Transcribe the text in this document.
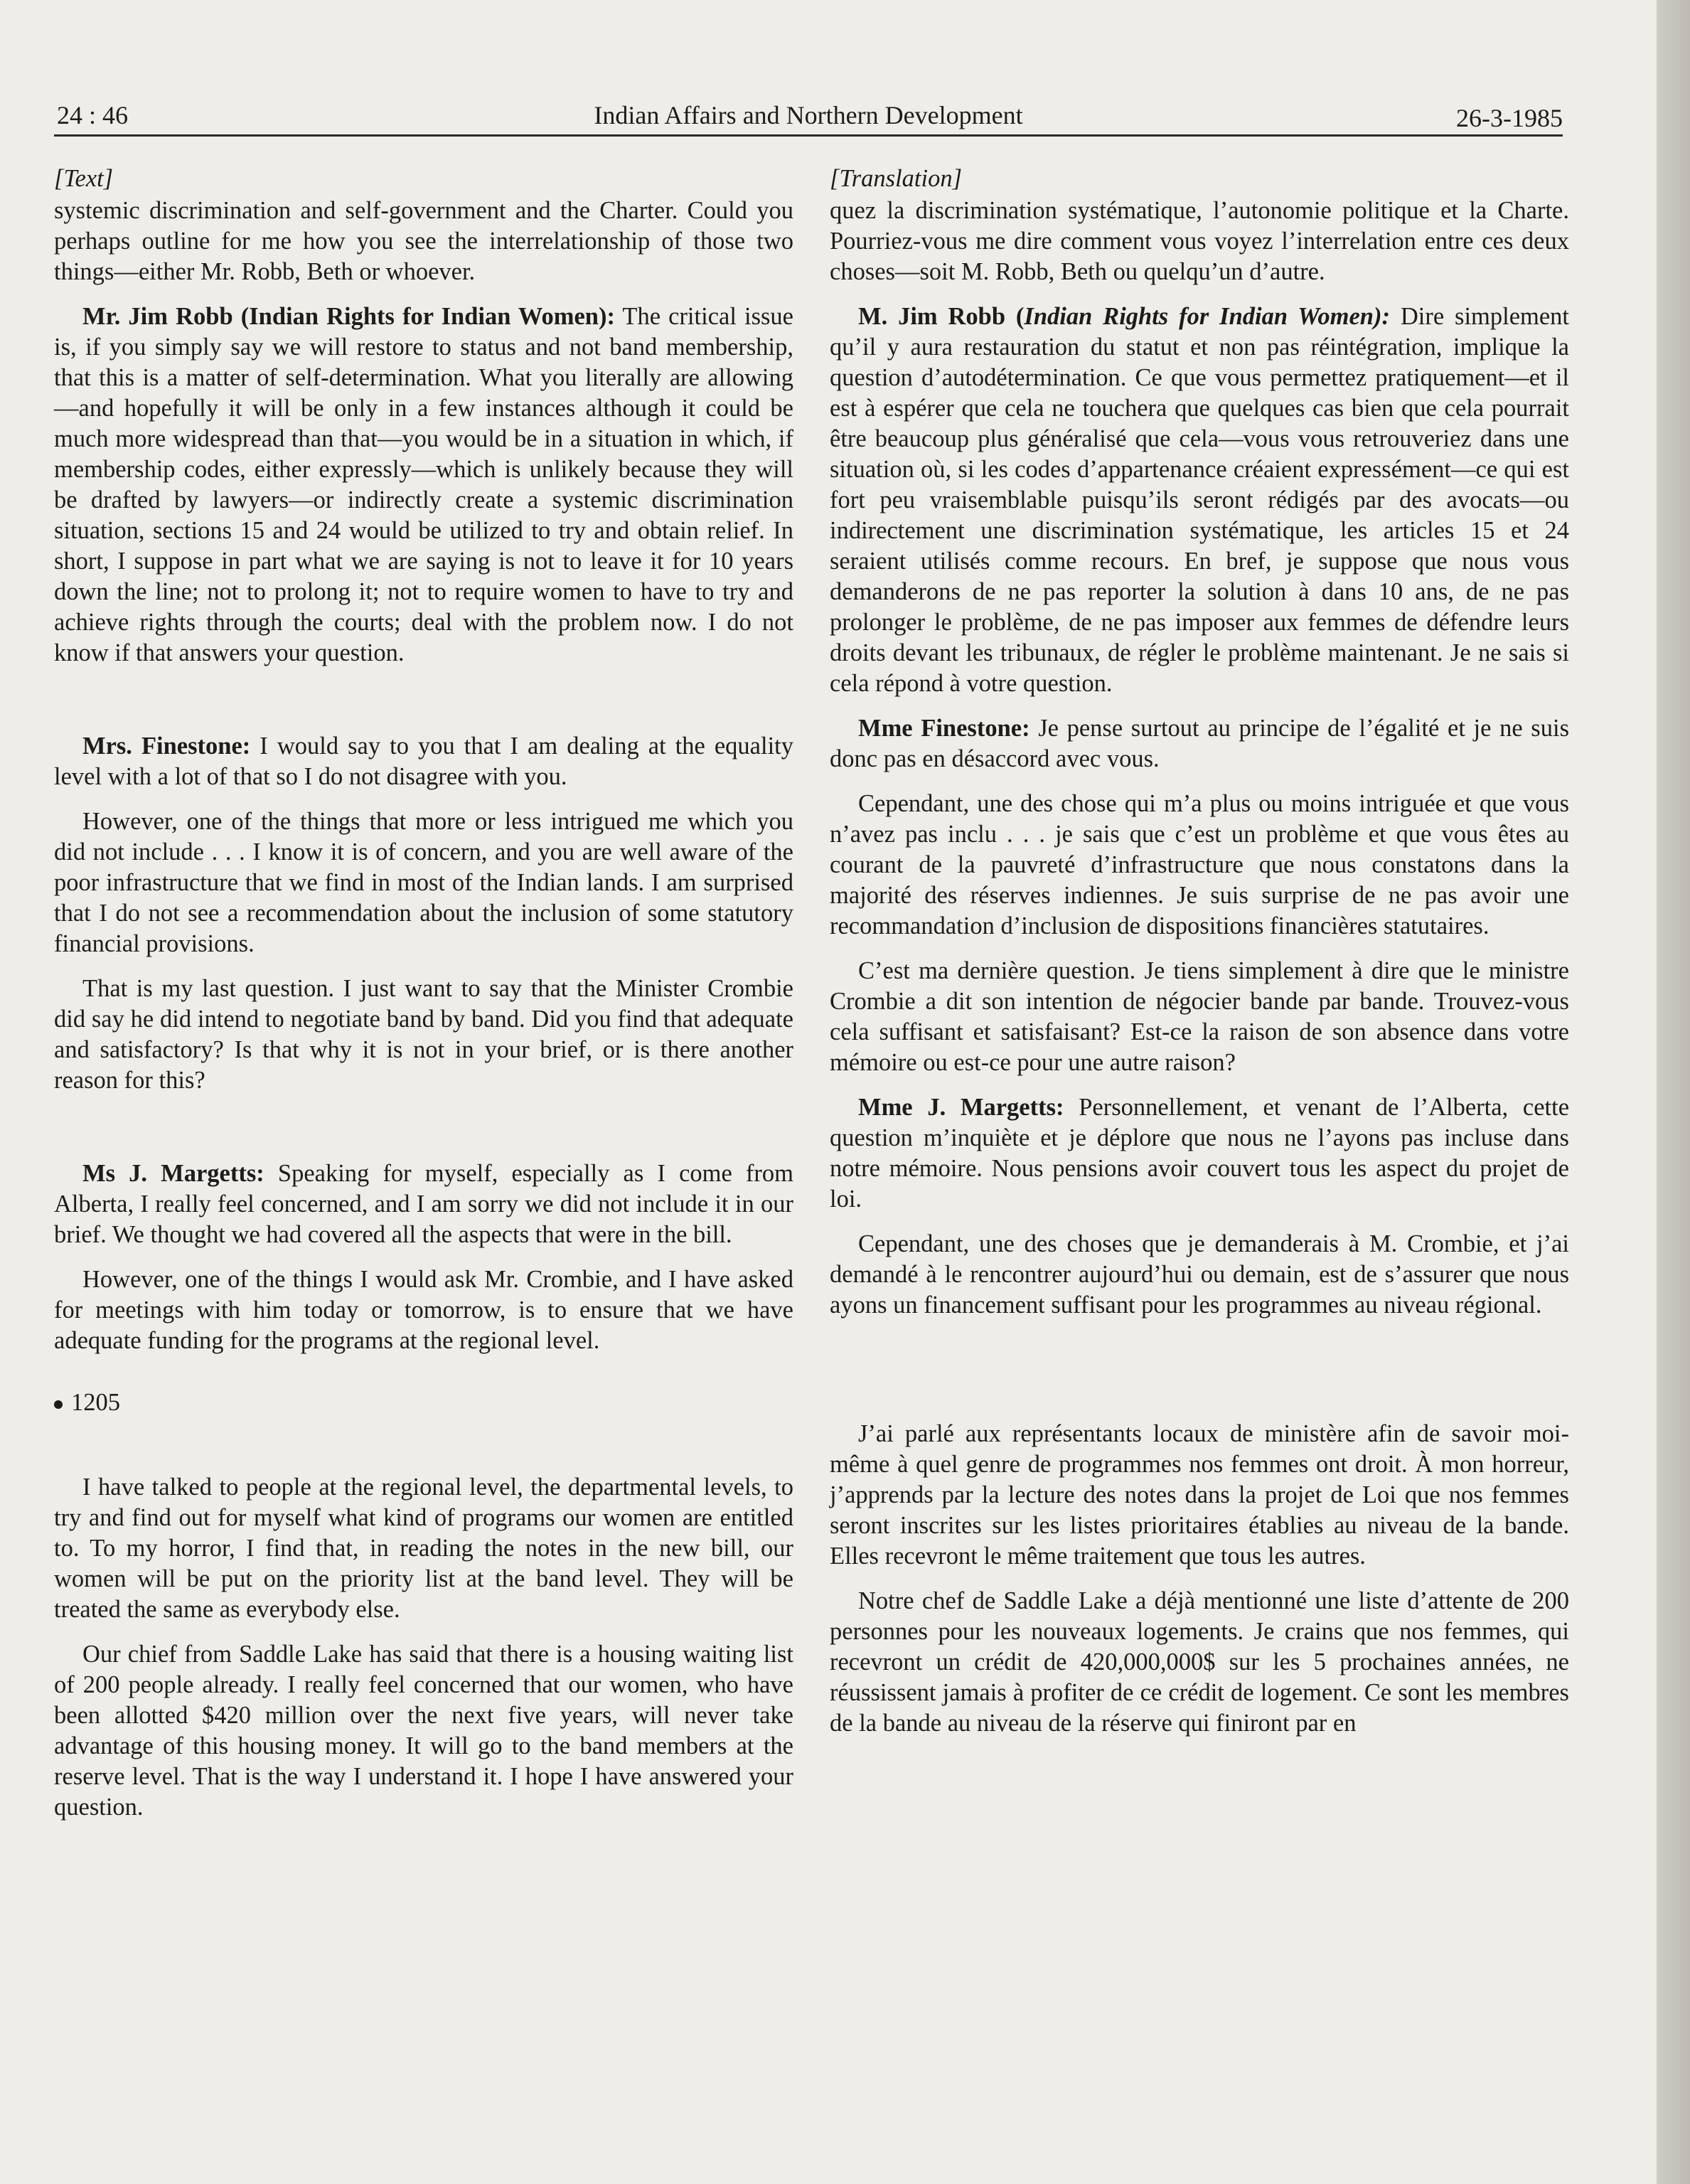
24 : 46	Indian Affairs and Northern Development	26-3-1985

[Text]

systemic discrimination and self-government and the Charter. Could you perhaps outline for me how you see the interrelationship of those two things—either Mr. Robb, Beth or whoever.

Mr. Jim Robb (Indian Rights for Indian Women): The critical issue is, if you simply say we will restore to status and not band membership, that this is a matter of self-determination. What you literally are allowing—and hopefully it will be only in a few instances although it could be much more widespread than that—you would be in a situation in which, if membership codes, either expressly—which is unlikely because they will be drafted by lawyers—or indirectly create a systemic discrimination situation, sections 15 and 24 would be utilized to try and obtain relief. In short, I suppose in part what we are saying is not to leave it for 10 years down the line; not to prolong it; not to require women to have to try and achieve rights through the courts; deal with the problem now. I do not know if that answers your question.

Mrs. Finestone: I would say to you that I am dealing at the equality level with a lot of that so I do not disagree with you.

However, one of the things that more or less intrigued me which you did not include . . . I know it is of concern, and you are well aware of the poor infrastructure that we find in most of the Indian lands. I am surprised that I do not see a recommendation about the inclusion of some statutory financial provisions.

That is my last question. I just want to say that the Minister Crombie did say he did intend to negotiate band by band. Did you find that adequate and satisfactory? Is that why it is not in your brief, or is there another reason for this?

Ms J. Margetts: Speaking for myself, especially as I come from Alberta, I really feel concerned, and I am sorry we did not include it in our brief. We thought we had covered all the aspects that were in the bill.

However, one of the things I would ask Mr. Crombie, and I have asked for meetings with him today or tomorrow, is to ensure that we have adequate funding for the programs at the regional level.

1205

I have talked to people at the regional level, the departmental levels, to try and find out for myself what kind of programs our women are entitled to. To my horror, I find that, in reading the notes in the new bill, our women will be put on the priority list at the band level. They will be treated the same as everybody else.

Our chief from Saddle Lake has said that there is a housing waiting list of 200 people already. I really feel concerned that our women, who have been allotted $420 million over the next five years, will never take advantage of this housing money. It will go to the band members at the reserve level. That is the way I understand it. I hope I have answered your question.

[Translation]

quez la discrimination systématique, l’autonomie politique et la Charte. Pourriez-vous me dire comment vous voyez l’interrelation entre ces deux choses—soit M. Robb, Beth ou quelqu’un d’autre.

M. Jim Robb (Indian Rights for Indian Women): Dire simplement qu’il y aura restauration du statut et non pas réintégration, implique la question d’autodétermination. Ce que vous permettez pratiquement—et il est à espérer que cela ne touchera que quelques cas bien que cela pourrait être beaucoup plus généralisé que cela—vous vous retrouveriez dans une situation où, si les codes d’appartenance créaient expressément—ce qui est fort peu vraisemblable puisqu’ils seront rédigés par des avocats—ou indirectement une discrimination systématique, les articles 15 et 24 seraient utilisés comme recours. En bref, je suppose que nous vous demanderons de ne pas reporter la solution à dans 10 ans, de ne pas prolonger le problème, de ne pas imposer aux femmes de défendre leurs droits devant les tribunaux, de régler le problème maintenant. Je ne sais si cela répond à votre question.

Mme Finestone: Je pense surtout au principe de l’égalité et je ne suis donc pas en désaccord avec vous.

Cependant, une des chose qui m’a plus ou moins intriguée et que vous n’avez pas inclu . . . je sais que c’est un problème et que vous êtes au courant de la pauvreté d’infrastructure que nous constatons dans la majorité des réserves indiennes. Je suis surprise de ne pas avoir une recommandation d’inclusion de dispositions financières statutaires.

C’est ma dernière question. Je tiens simplement à dire que le ministre Crombie a dit son intention de négocier bande par bande. Trouvez-vous cela suffisant et satisfaisant? Est-ce la raison de son absence dans votre mémoire ou est-ce pour une autre raison?

Mme J. Margetts: Personnellement, et venant de l’Alberta, cette question m’inquiète et je déplore que nous ne l’ayons pas incluse dans notre mémoire. Nous pensions avoir couvert tous les aspect du projet de loi.

Cependant, une des choses que je demanderais à M. Crombie, et j’ai demandé à le rencontrer aujourd’hui ou demain, est de s’assurer que nous ayons un financement suffisant pour les programmes au niveau régional.

J’ai parlé aux représentants locaux de ministère afin de savoir moi-même à quel genre de programmes nos femmes ont droit. À mon horreur, j’apprends par la lecture des notes dans la projet de Loi que nos femmes seront inscrites sur les listes prioritaires établies au niveau de la bande. Elles recevront le même traitement que tous les autres.

Notre chef de Saddle Lake a déjà mentionné une liste d’attente de 200 personnes pour les nouveaux logements. Je crains que nos femmes, qui recevront un crédit de 420,000,000$ sur les 5 prochaines années, ne réussissent jamais à profiter de ce crédit de logement. Ce sont les membres de la bande au niveau de la réserve qui finiront par en
